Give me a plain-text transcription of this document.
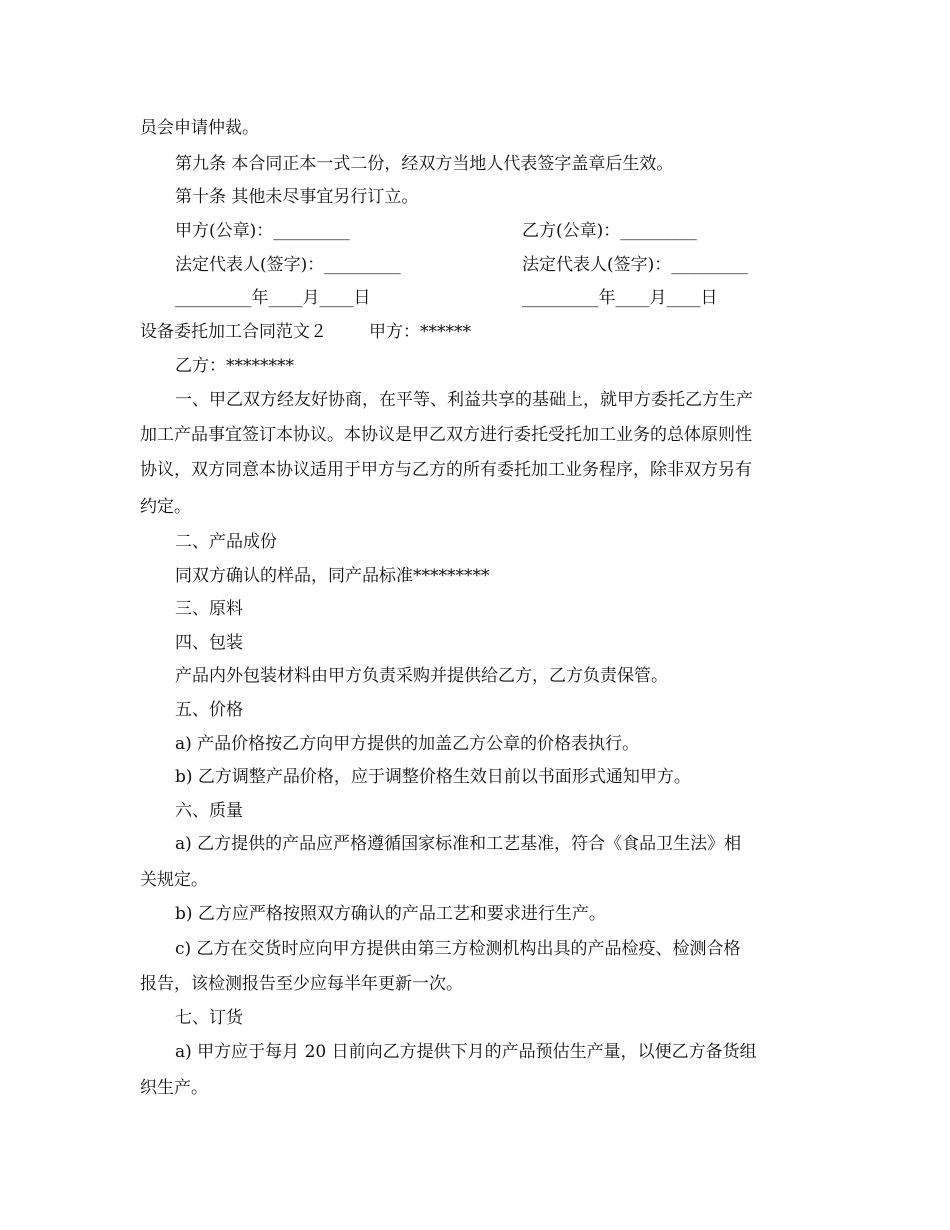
员会申请仲裁。
第九条 本合同正本一式二份，经双方当地人代表签字盖章后生效。
第十条 其他未尽事宜另行订立。
甲方(公章)：_________	乙方(公章)：_________
法定代表人(签字)：_________	法定代表人(签字)：_________
_________年____月____日	_________年____月____日
设备委托加工合同范文２ 甲方：******
乙方：********
一、甲乙双方经友好协商，在平等、利益共享的基础上，就甲方委托乙方生产
加工产品事宜签订本协议。本协议是甲乙双方进行委托受托加工业务的总体原则性
协议，双方同意本协议适用于甲方与乙方的所有委托加工业务程序，除非双方另有
约定。
二、产品成份
同双方确认的样品，同产品标准*********
三、原料
四、包装
产品内外包装材料由甲方负责采购并提供给乙方，乙方负责保管。
五、价格
a) 产品价格按乙方向甲方提供的加盖乙方公章的价格表执行。
b) 乙方调整产品价格，应于调整价格生效日前以书面形式通知甲方。
六、质量
a) 乙方提供的产品应严格遵循国家标准和工艺基准，符合《食品卫生法》相
关规定。
b) 乙方应严格按照双方确认的产品工艺和要求进行生产。
c) 乙方在交货时应向甲方提供由第三方检测机构出具的产品检疫、检测合格
报告，该检测报告至少应每半年更新一次。
七、订货
a) 甲方应于每月 20 日前向乙方提供下月的产品预估生产量，以便乙方备货组
织生产。
